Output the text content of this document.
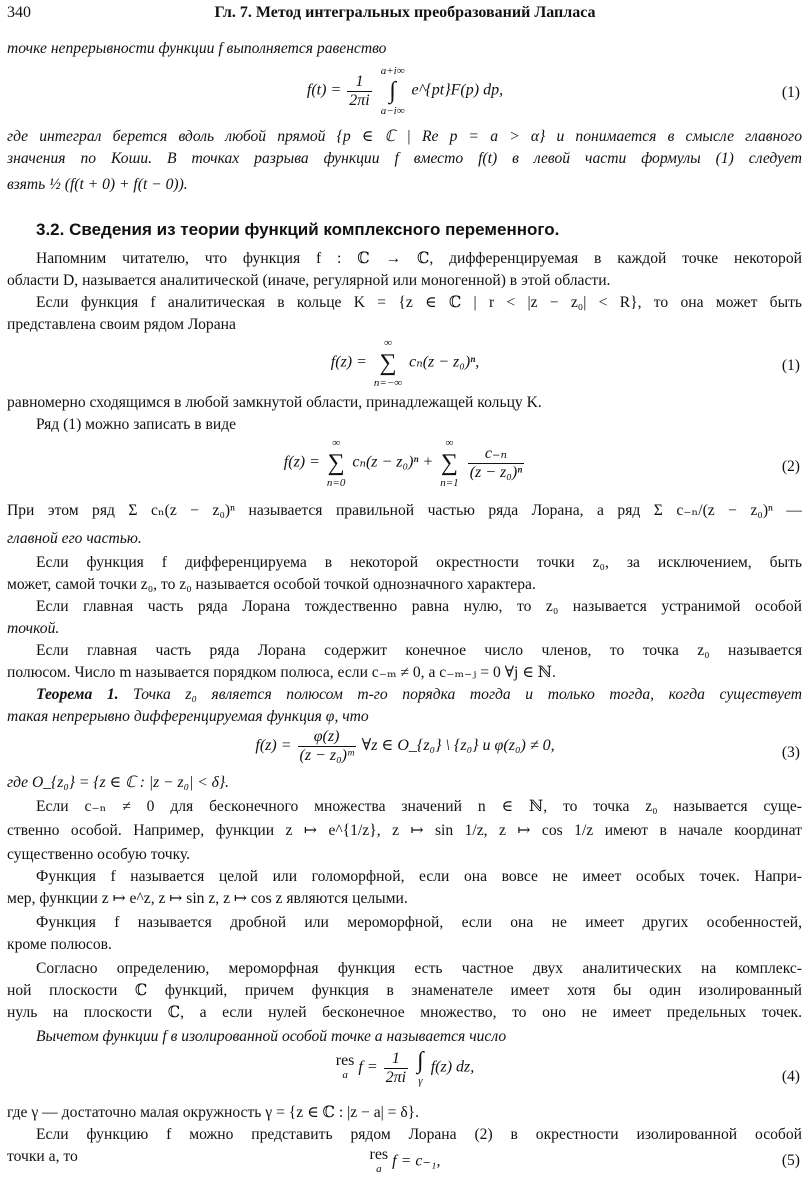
340	Гл. 7. Метод интегральных преобразований Лапласа
точке непрерывности функции f выполняется равенство
$f(t) = \frac{1}{2\pi i}$

a+i∞
∫
a−i∞
e^{pt}F(p) dp,	(1)
где интеграл берется вдоль любой прямой {p ∈ ℂ | Re p = a > α} и понимается в смысле главного
значения по Коши. В точках разрыва функции f вместо f(t) в левой части формулы (1) следует
взять ½ (f(t + 0) + f(t − 0)).
3.2. Сведения из теории функций комплексного переменного.
Напомним читателю, что функция f : ℂ → ℂ, дифференцируемая в каждой точке некоторой
области D, называется аналитической (иначе, регулярной или моногенной) в этой области.
Если функция f аналитическая в кольце K = {z ∈ ℂ | r < |z − z₀| < R}, то она может быть
представлена своим рядом Лорана
f(z) =
∞
∑
n=−∞
cₙ(z − z₀)ⁿ,	(1)
равномерно сходящимся в любой замкнутой области, принадлежащей кольцу K.
Ряд (1) можно записать в виде
f(z) =
∞
∑
n=0
cₙ(z − z₀)ⁿ +
∞
∑
n=1

$\frac{\text{c₋ₙ}}{\text{(z − z₀)ⁿ}}$	(2)
При этом ряд Σ cₙ(z − z₀)ⁿ называется правильной частью ряда Лорана, а ряд Σ c₋ₙ/(z − z₀)ⁿ —
главной его частью.
Если функция f дифференцируема в некоторой окрестности точки z₀, за исключением, быть
может, самой точки z₀, то z₀ называется особой точкой однозначного характера.
Если главная часть ряда Лорана тождественно равна нулю, то z₀ называется устранимой особой
точкой.
Если главная часть ряда Лорана содержит конечное число членов, то точка z₀ называется
полюсом. Число m называется порядком полюса, если c₋ₘ ≠ 0, а c₋ₘ₋ⱼ = 0 ∀j ∈ ℕ.
Теорема 1. Точка z₀ является полюсом m-го порядка тогда и только тогда, когда существует
такая непрерывно дифференцируемая функция φ, что
$f(z) = \frac{\varphi(z)}{\text{(z − z₀)ᵐ}}$ ∀z ∈ O_{z₀} \ {z₀} и φ(z₀) ≠ 0,	(3)
где O_{z₀} = {z ∈ ℂ : |z − z₀| < δ}.
Если c₋ₙ ≠ 0 для бесконечного множества значений n ∈ ℕ, то точка z₀ называется суще-
ственно особой. Например, функции z ↦ e^{1/z}, z ↦ sin 1/z, z ↦ cos 1/z имеют в начале координат
существенно особую точку.
Функция f называется целой или голоморфной, если она вовсе не имеет особых точек. Напри-
мер, функции z ↦ e^z, z ↦ sin z, z ↦ cos z являются целыми.
Функция f называется дробной или мероморфной, если она не имеет других особенностей,
кроме полюсов.
Согласно определению, мероморфная функция есть частное двух аналитических на комплекс-
ной плоскости ℂ функций, причем функция в знаменателе имеет хотя бы один изолированный
нуль на плоскости ℂ, а если нулей бесконечное множество, то оно не имеет предельных точек.
Вычетом функции f в изолированной особой точке a называется число
res
a $f = \frac{1}{2\pi i}$
∫
γ
f(z) dz,
(4)
где γ — достаточно малая окружность γ = {z ∈ ℂ : |z − a| = δ}.
Если функцию f можно представить рядом Лорана (2) в окрестности изолированной особой
точки a, то	res
a f = c₋₁,	(5)
